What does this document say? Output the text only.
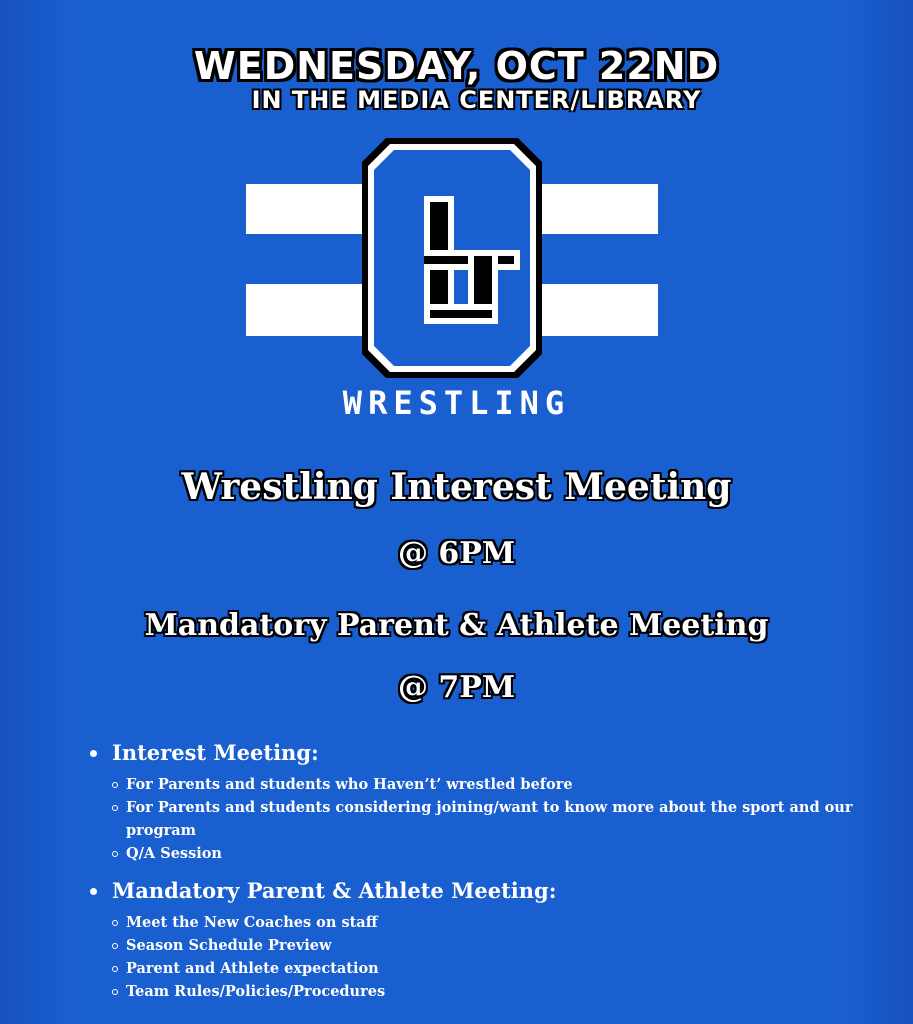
WEDNESDAY, OCT 22ND
IN THE MEDIA CENTER/LIBRARY
WRESTLING
Wrestling Interest Meeting
@ 6PM
Mandatory Parent & Athlete Meeting
@ 7PM
Interest Meeting:
For Parents and students who Haven’t’ wrestled before
For Parents and students considering joining/want to know more about the sport and our program
Q/A Session
Mandatory Parent & Athlete Meeting:
Meet the New Coaches on staff
Season Schedule Preview
Parent and Athlete expectation
Team Rules/Policies/Procedures
